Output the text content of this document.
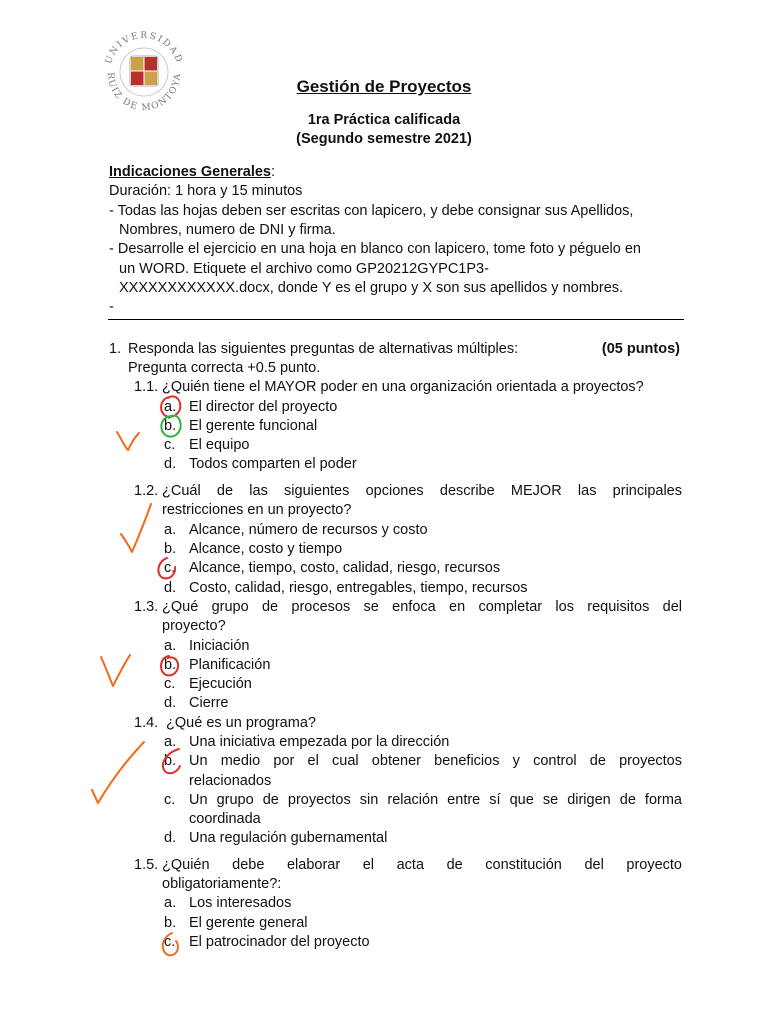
UNIVERSIDAD
RUIZ DE MONTOYA
Gestión de Proyectos
1ra Práctica calificada
(Segundo semestre 2021)
Indicaciones Generales:
Duración: 1 hora y 15 minutos
- Todas las hojas deben ser escritas con lapicero, y debe consignar sus Apellidos,
Nombres, numero de DNI y firma.
- Desarrolle el ejercicio en una hoja en blanco con lapicero, tome foto y péguelo en
un WORD. Etiquete el archivo como GP20212GYPC1P3-
XXXXXXXXXXXX.docx, donde Y es el grupo y X son sus apellidos y nombres.
-
1. Responda las siguientes preguntas de alternativas múltiples:	(05 puntos)
Pregunta correcta +0.5 punto.
1.1. ¿Quién tiene el MAYOR poder en una organización orientada a proyectos?
a. El director del proyecto
b. El gerente funcional
c. El equipo
d. Todos comparten el poder
1.2. ¿Cuál de las siguientes opciones describe MEJOR las principales
restricciones en un proyecto?
a. Alcance, número de recursos y costo
b. Alcance, costo y tiempo
c. Alcance, tiempo, costo, calidad, riesgo, recursos
d. Costo, calidad, riesgo, entregables, tiempo, recursos
1.3. ¿Qué grupo de procesos se enfoca en completar los requisitos del
proyecto?
a. Iniciación
b. Planificación
c. Ejecución
d. Cierre
1.4. ¿Qué es un programa?
a. Una iniciativa empezada por la dirección
b. Un medio por el cual obtener beneficios y control de proyectos
relacionados
c. Un grupo de proyectos sin relación entre sí que se dirigen de forma
coordinada
d. Una regulación gubernamental
1.5. ¿Quién debe elaborar el acta de constitución del proyecto
obligatoriamente?:
a. Los interesados
b. El gerente general
c. El patrocinador del proyecto
